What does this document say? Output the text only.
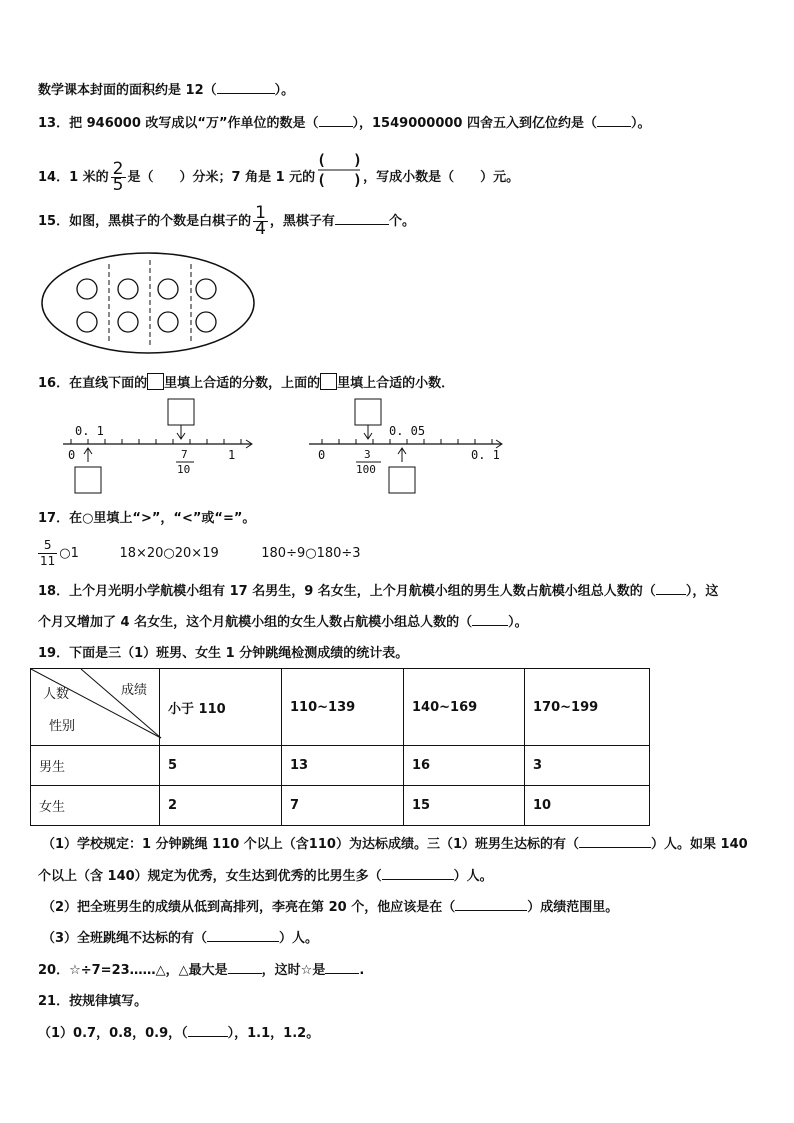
数学课本封面的面积约是 12（	）。
13．把 946000 改写成以“万”作单位的数是（	），1549000000 四舍五入到亿位约是（	）。
14．1 米的 $\frac{2}{5}$ 是（　　）分米；7 角是 1 元的
( )
( ) ，写成小数是（　　）元。
15．如图，黑棋子的个数是白棋子的 $\frac{1}{4}$ ，黑棋子有	个。
16．在直线下面的 里填上合适的分数，上面的 里填上合适的小数．
0. 1
0	1
7
10
0. 05
0	0. 1
3
100
17．在○里填上“>”，“<”或“=”。
$\frac{5}{11}$ ○1	18×20○20×19	180÷9○180÷3
18．上个月光明小学航模小组有 17 名男生，9 名女生，上个月航模小组的男生人数占航模小组总人数的（ ），这
个月又增加了 4 名女生，这个月航模小组的女生人数占航模小组总人数的（	）。
19．下面是三（1）班男、女生 1 分钟跳绳检测成绩的统计表。
人数 成绩
性别	小于 110	110~139	140~169	170~199
男生	5	13	16	3
女生	2	7	15	10
（1）学校规定：1 分钟跳绳 110 个以上（含110）为达标成绩。三（1）班男生达标的有（	）人。如果 140
个以上（含 140）规定为优秀，女生达到优秀的比男生多（	）人。
（2）把全班男生的成绩从低到高排列，李亮在第 20 个，他应该是在（	）成绩范围里。
（3）全班跳绳不达标的有（	）人。
20．☆÷7=23……△，△最大是	，这时☆是	.
21．按规律填写。
（1）0.7，0.8，0.9，（	），1.1，1.2。
